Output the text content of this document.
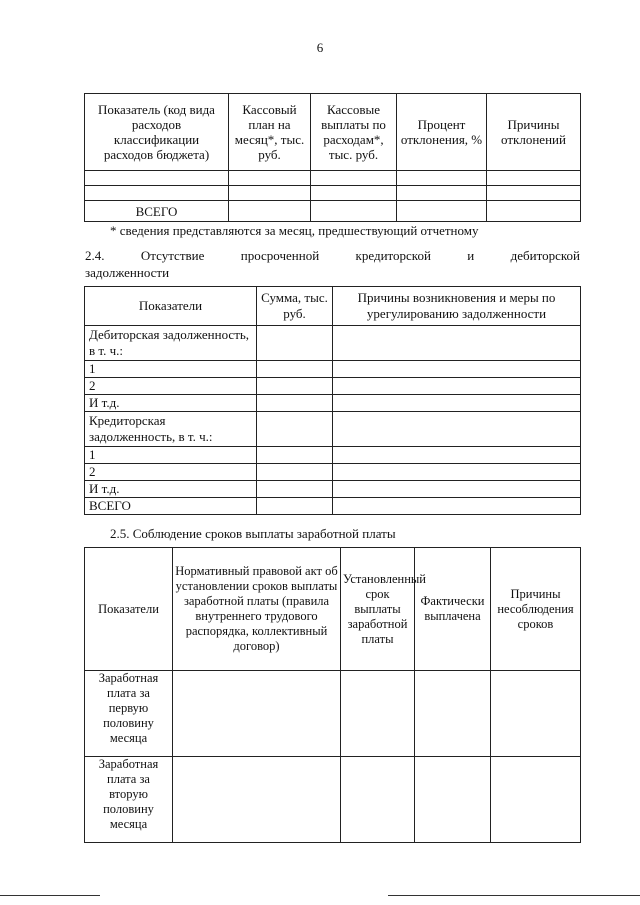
6
Показатель (код вида расходов классификации расходов бюджета)	Кассовый план на месяц*, тыс. руб.	Кассовые выплаты по расходам*, тыс. руб.	Процент отклонения, %	Причины отклонений

ВСЕГО				
* сведения представляются за месяц, предшествующий отчетному
2.4. Отсутствие просроченной кредиторской и дебиторской
задолженности
Показатели	Сумма, тыс. руб.	Причины возникновения и меры по урегулированию задолженности
Дебиторская задолженность, в т. ч.:		
1		
2		
И т.д.		
Кредиторская задолженность, в т. ч.:		
1		
2		
И т.д.		
ВСЕГО		
2.5. Соблюдение сроков выплаты заработной платы
Показатели	Нормативный правовой акт об установлении сроков выплаты заработной платы (правила внутреннего трудового распорядка, коллективный договор)	Установленный срок выплаты заработной платы	Фактически выплачена	Причины несоблюдения сроков
Заработная плата за первую половину месяца				
Заработная плата за вторую половину месяца				
